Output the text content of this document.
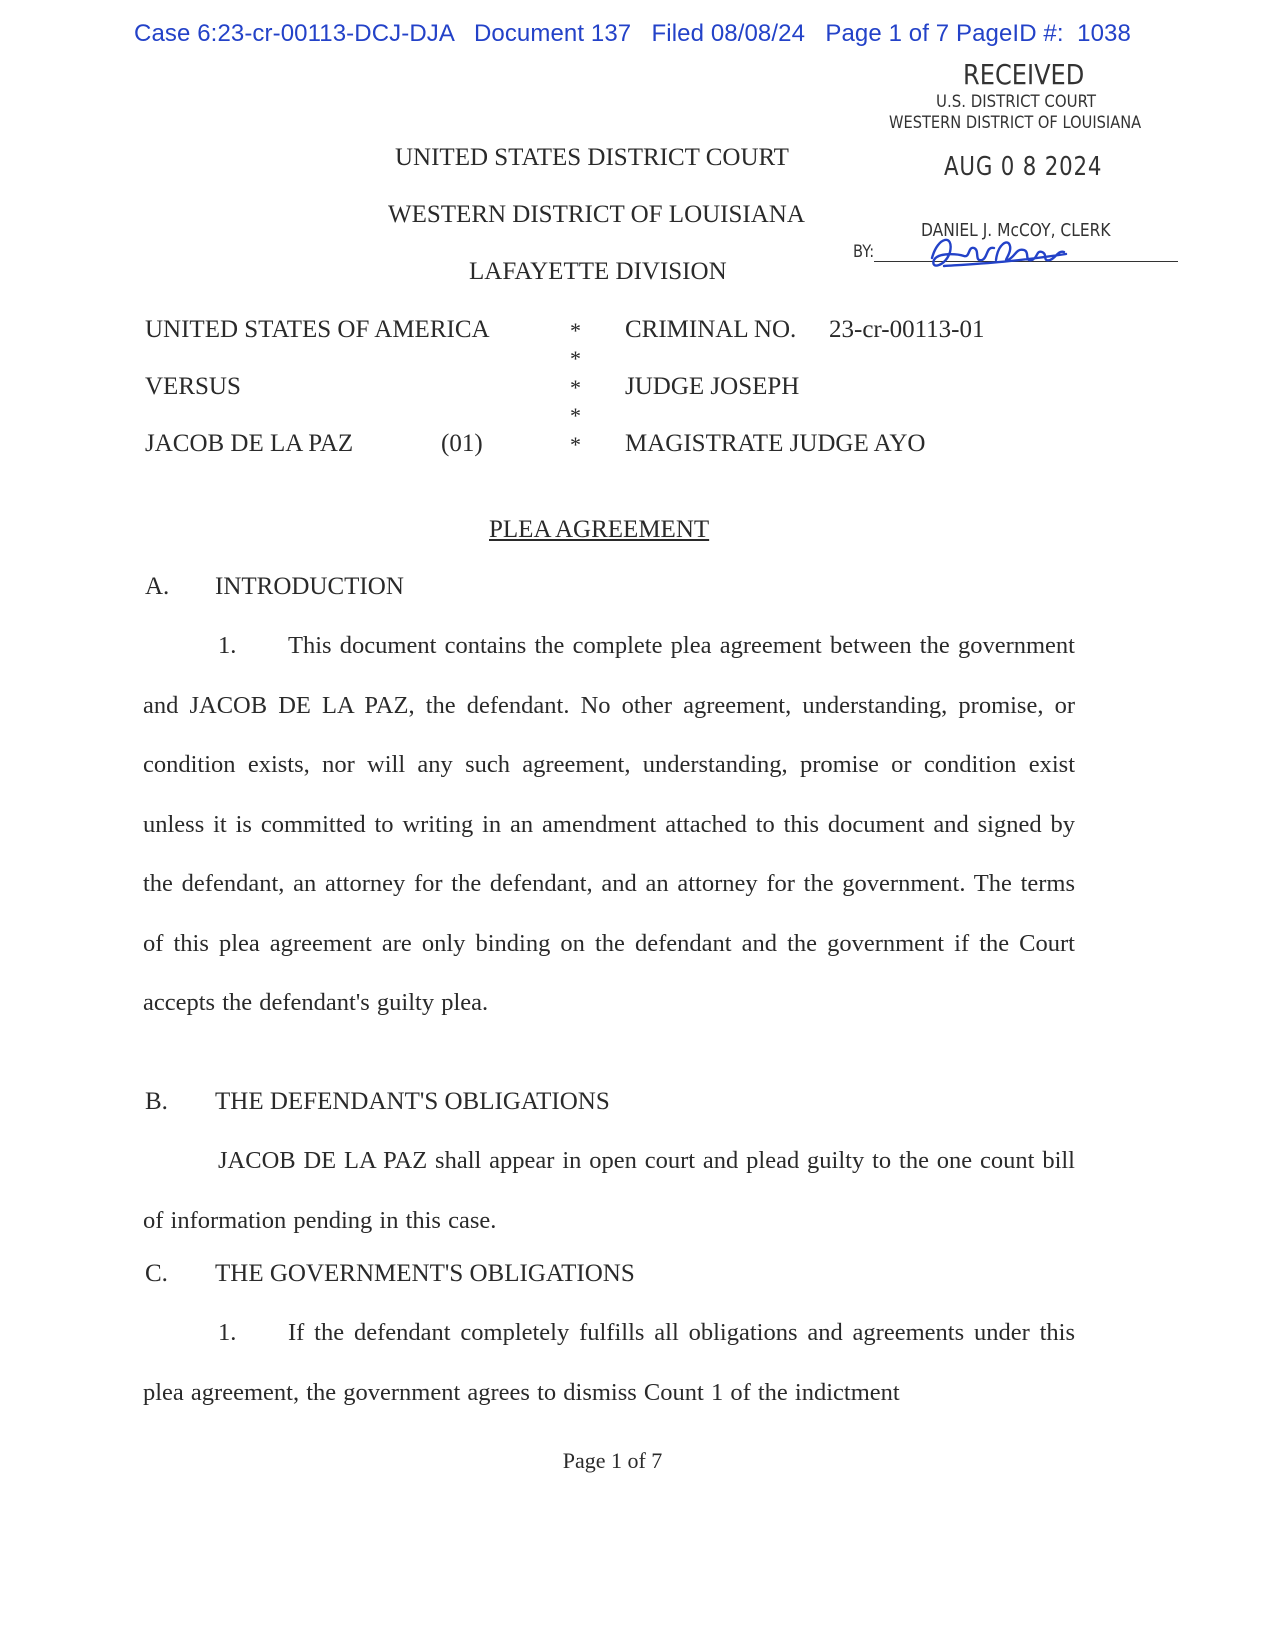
Case 6:23-cr-00113-DCJ-DJA   Document 137   Filed 08/08/24   Page 1 of 7 PageID #:  1038
RECEIVED
U.S. DISTRICT COURT
WESTERN DISTRICT OF LOUISIANA
AUG 0 8 2024
DANIEL J. McCOY, CLERK
BY:
UNITED STATES DISTRICT COURT
WESTERN DISTRICT OF LOUISIANA
LAFAYETTE DIVISION
UNITED STATES OF AMERICA
VERSUS
JACOB DE LA PAZ	(01)
*
*
*
*
*
CRIMINAL NO. 23-cr-00113-01
JUDGE JOSEPH
MAGISTRATE JUDGE AYO
PLEA AGREEMENT
A. INTRODUCTION
1. This document contains the complete plea agreement between the government and JACOB DE LA PAZ, the defendant. No other agreement, understanding, promise, or condition exists, nor will any such agreement, understanding, promise or condition exist unless it is committed to writing in an amendment attached to this document and signed by the defendant, an attorney for the defendant, and an attorney for the government. The terms of this plea agreement are only binding on the defendant and the government if the Court accepts the defendant's guilty plea.
B. THE DEFENDANT'S OBLIGATIONS
JACOB DE LA PAZ shall appear in open court and plead guilty to the one count bill of information pending in this case.
C. THE GOVERNMENT'S OBLIGATIONS
1. If the defendant completely fulfills all obligations and agreements under this plea agreement, the government agrees to dismiss Count 1 of the indictment
Page 1 of 7
